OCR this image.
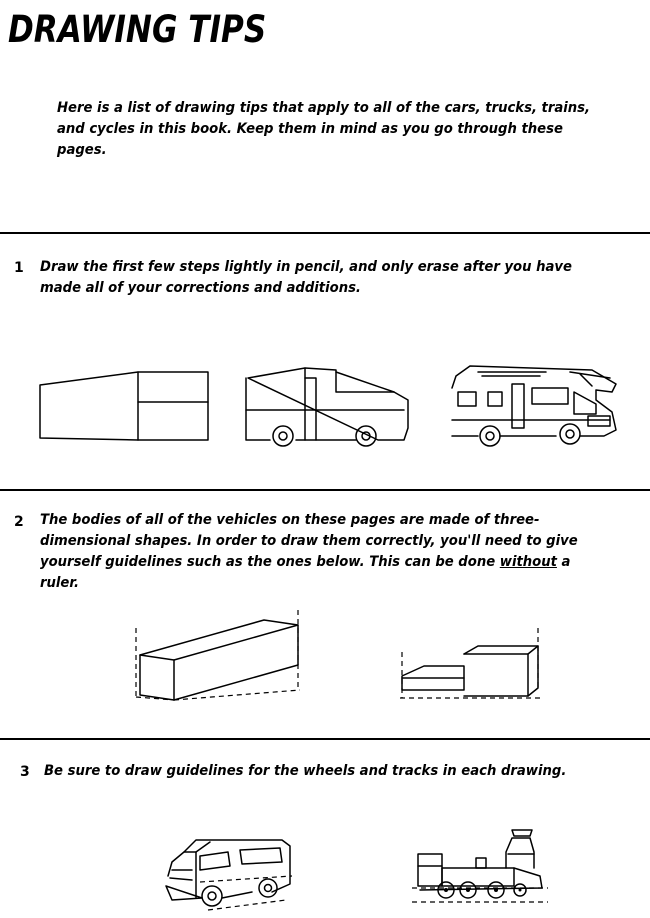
DRAWING TIPS
Here is a list of drawing tips that apply to all of the cars, trucks, trains, and cycles in this book. Keep them in mind as you go through these pages.
1 Draw the first few steps lightly in pencil, and only erase after you have made all of your corrections and additions.
2 The bodies of all of the vehicles on these pages are made of three-dimensional shapes. In order to draw them correctly, you'll need to give yourself guidelines such as the ones below. This can be done without a ruler.
3 Be sure to draw guidelines for the wheels and tracks in each drawing.
